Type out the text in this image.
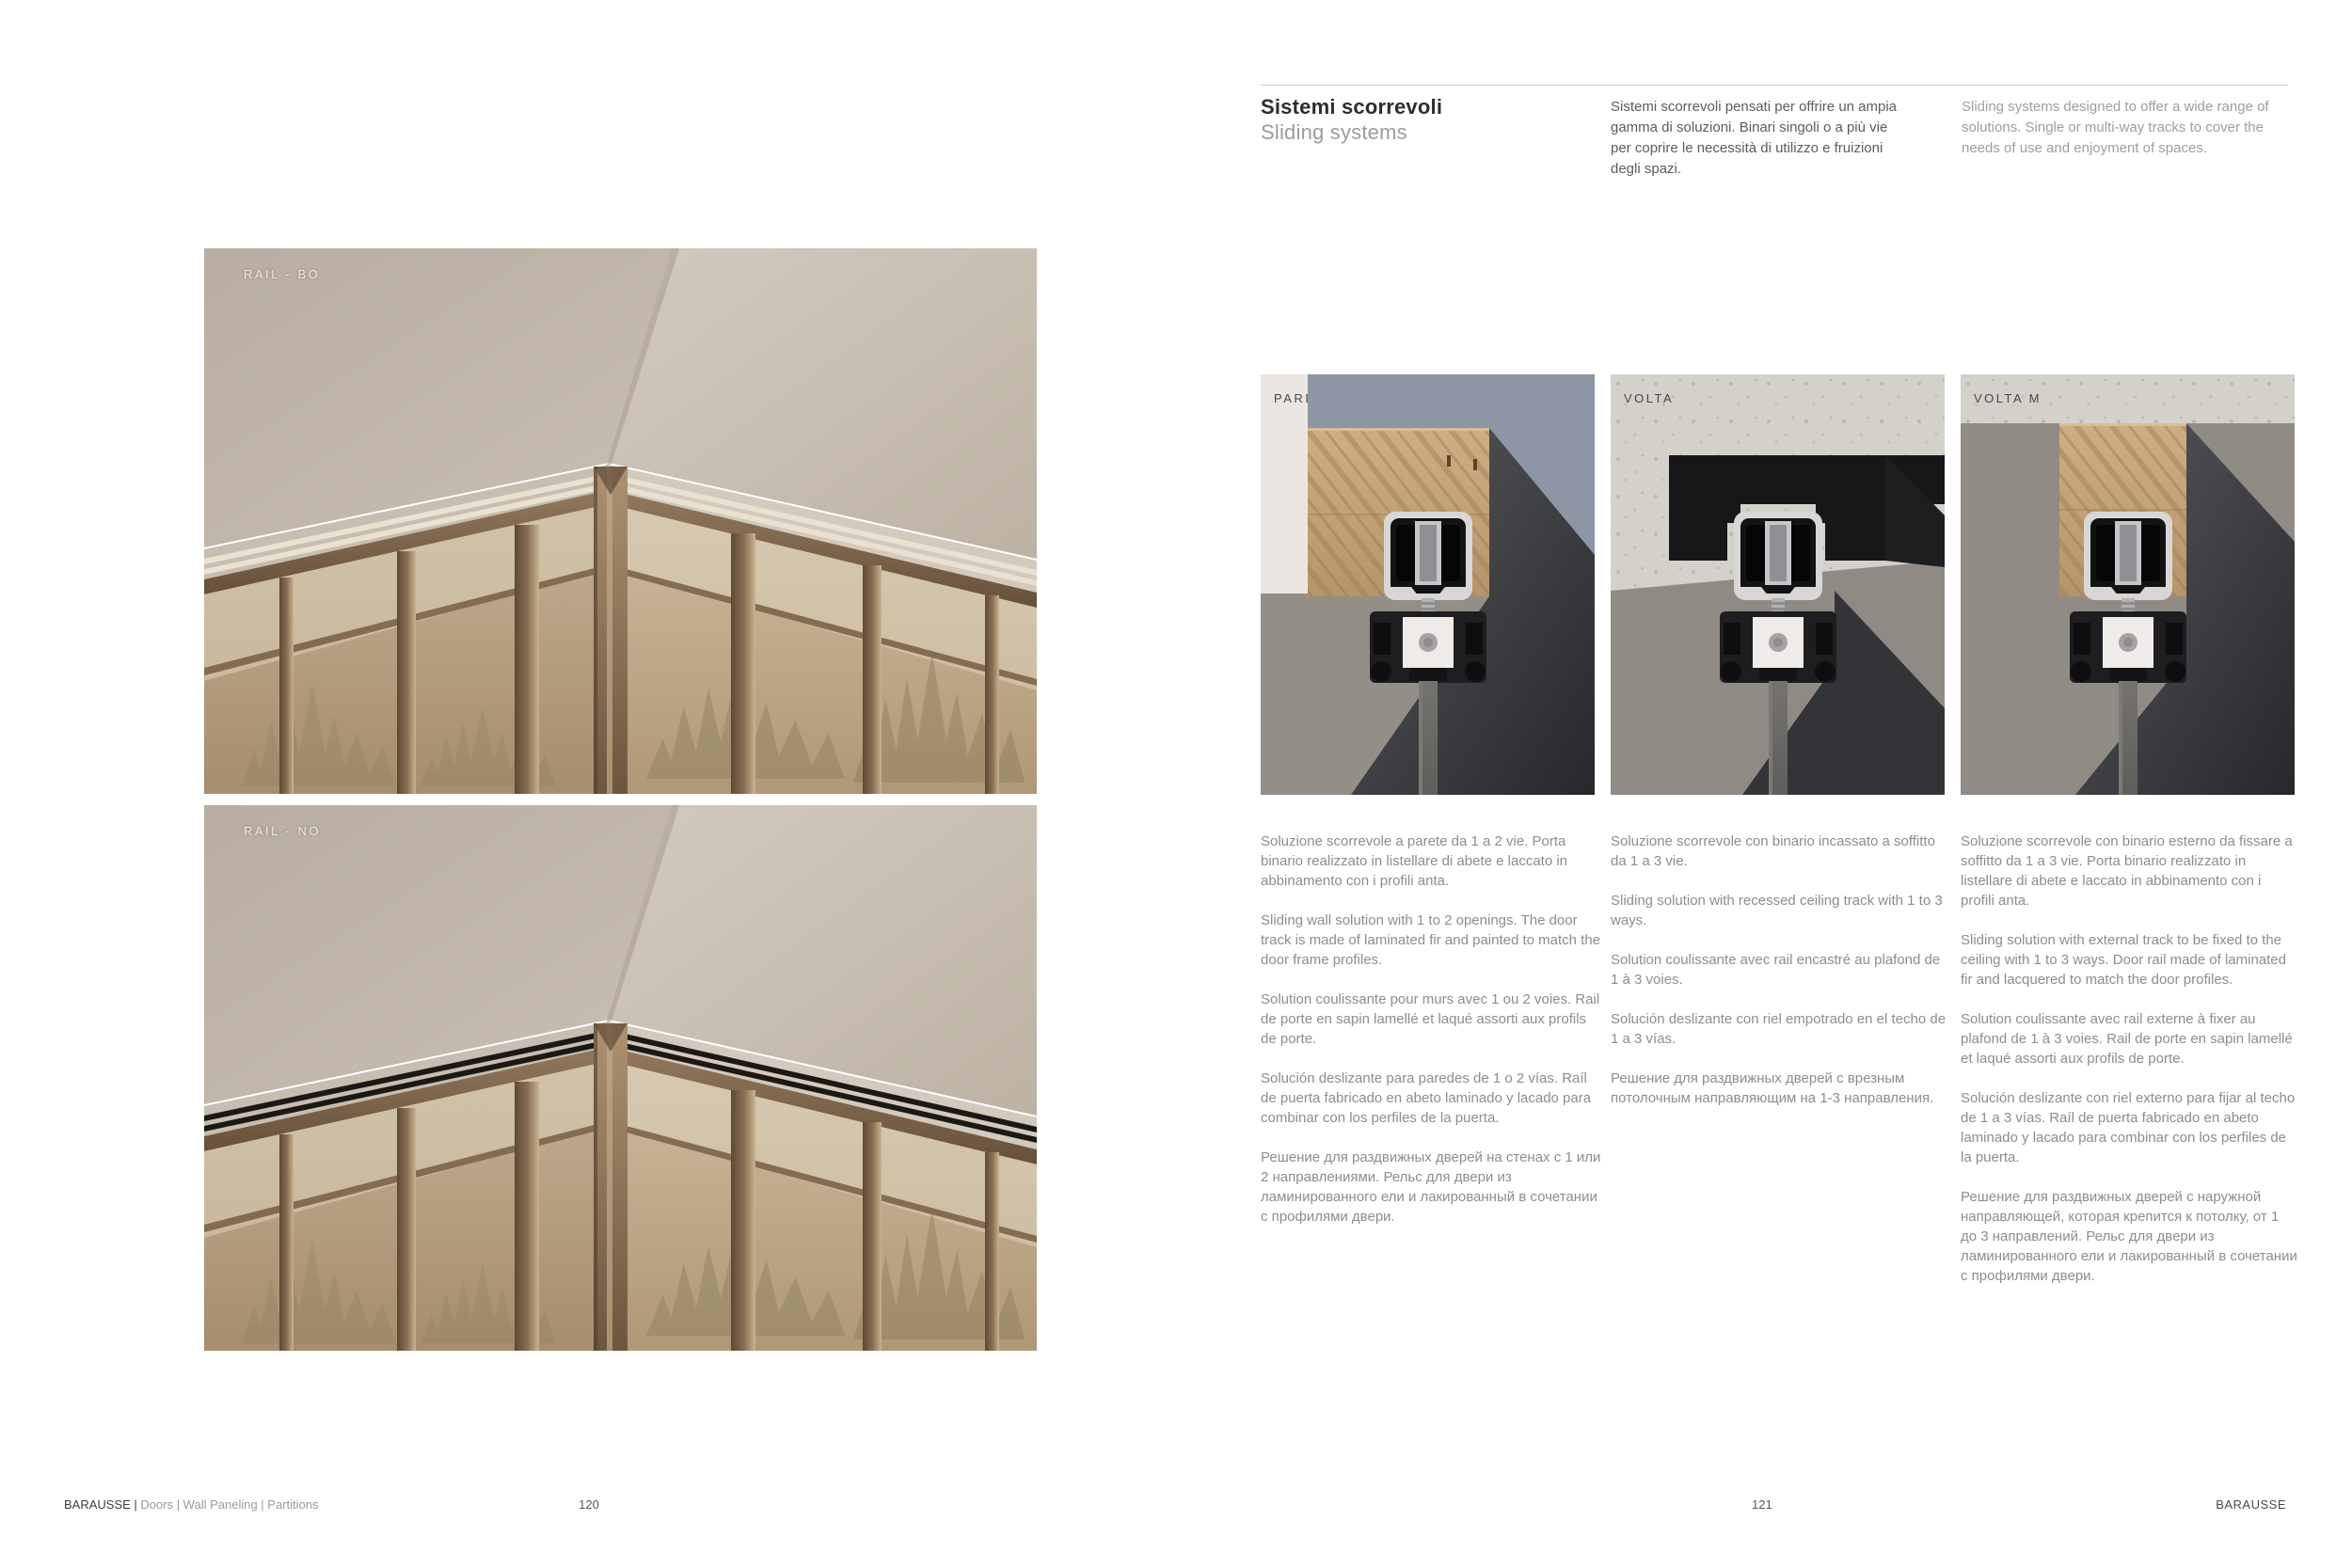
RAIL - BO
RAIL - NO
BARAUSSE | Doors | Wall Paneling | Partitions	120
Sistemi scorrevoli
Sliding systems

Sistemi scorrevoli pensati per offrire un ampia gamma di soluzioni. Binari singoli o a più vie per coprire le necessità di utilizzo e fruizioni degli spazi.

Sliding systems designed to offer a wide range of solutions. Single or multi-way tracks to cover the needs of use and enjoyment of spaces.

PARI	VOLTA	VOLTA M

Soluzione scorrevole a parete da 1 a 2 vie. Porta binario realizzato in listellare di abete e laccato in abbinamento con i profili anta.

Sliding wall solution with 1 to 2 openings. The door track is made of laminated fir and painted to match the door frame profiles.

Solution coulissante pour murs avec 1 ou 2 voies. Rail de porte en sapin lamellé et laqué assorti aux profils de porte.

Solución deslizante para paredes de 1 o 2 vías. Raíl de puerta fabricado en abeto laminado y lacado para combinar con los perfiles de la puerta.

Решение для раздвижных дверей на стенах с 1 или 2 направлениями. Рельс для двери из ламинированного ели и лакированный в сочетании с профилями двери.

Soluzione scorrevole con binario incassato a soffitto da 1 a 3 vie.

Sliding solution with recessed ceiling track with 1 to 3 ways.

Solution coulissante avec rail encastré au plafond de 1 à 3 voies.

Solución deslizante con riel empotrado en el techo de 1 a 3 vías.

Решение для раздвижных дверей с врезным потолочным направляющим на 1-3 направления.

Soluzione scorrevole con binario esterno da fissare a soffitto da 1 a 3 vie. Porta binario realizzato in listellare di abete e laccato in abbinamento con i profili anta.

Sliding solution with external track to be fixed to the ceiling with 1 to 3 ways. Door rail made of laminated fir and lacquered to match the door profiles.

Solution coulissante avec rail externe à fixer au plafond de 1 à 3 voies. Rail de porte en sapin lamellé et laqué assorti aux profils de porte.

Solución deslizante con riel externo para fijar al techo de 1 a 3 vías. Raíl de puerta fabricado en abeto laminado y lacado para combinar con los perfiles de la puerta.

Решение для раздвижных дверей с наружной направляющей, которая крепится к потолку, от 1 до 3 направлений. Рельс для двери из ламинированного ели и лакированный в сочетании с профилями двери.

121	BARAUSSE
